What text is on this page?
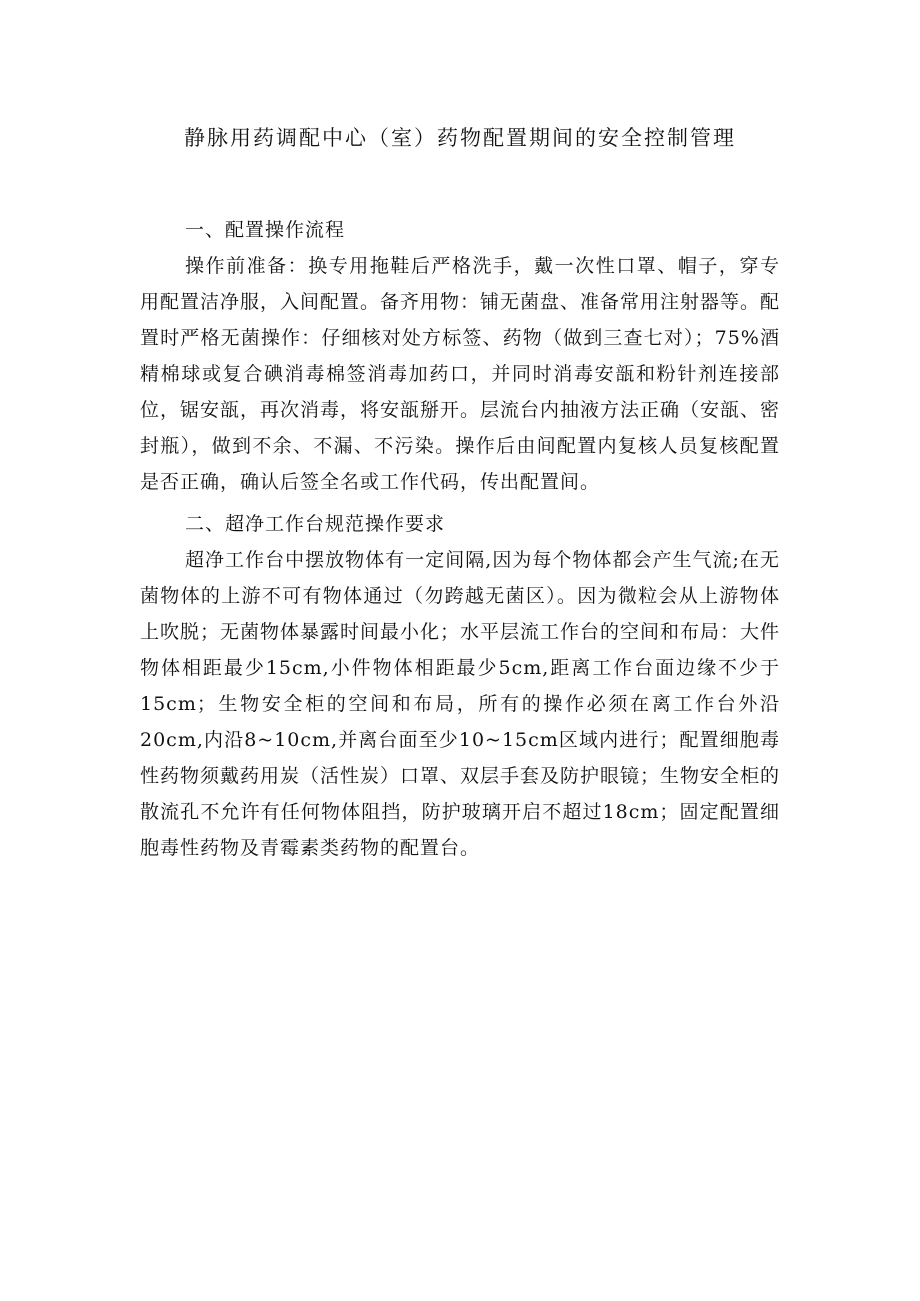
静脉用药调配中心（室）药物配置期间的安全控制管理
一、配置操作流程

操作前准备：换专用拖鞋后严格洗手，戴一次性口罩、帽子，穿专用配置洁净服，入间配置。备齐用物：铺无菌盘、准备常用注射器等。配置时严格无菌操作：仔细核对处方标签、药物（做到三查七对）；75%酒精棉球或复合碘消毒棉签消毒加药口，并同时消毒安瓿和粉针剂连接部位，锯安瓿，再次消毒，将安瓿掰开。层流台内抽液方法正确（安瓿、密封瓶），做到不余、不漏、不污染。操作后由间配置内复核人员复核配置是否正确，确认后签全名或工作代码，传出配置间。

二、超净工作台规范操作要求

超净工作台中摆放物体有一定间隔,因为每个物体都会产生气流;在无菌物体的上游不可有物体通过（勿跨越无菌区）。因为微粒会从上游物体上吹脱；无菌物体暴露时间最小化；水平层流工作台的空间和布局：大件物体相距最少15cm,小件物体相距最少5cm,距离工作台面边缘不少于15cm；生物安全柜的空间和布局，所有的操作必须在离工作台外沿20cm,内沿8~10cm,并离台面至少10~15cm区域内进行；配置细胞毒性药物须戴药用炭（活性炭）口罩、双层手套及防护眼镜；生物安全柜的散流孔不允许有任何物体阻挡，防护玻璃开启不超过18cm；固定配置细胞毒性药物及青霉素类药物的配置台。
